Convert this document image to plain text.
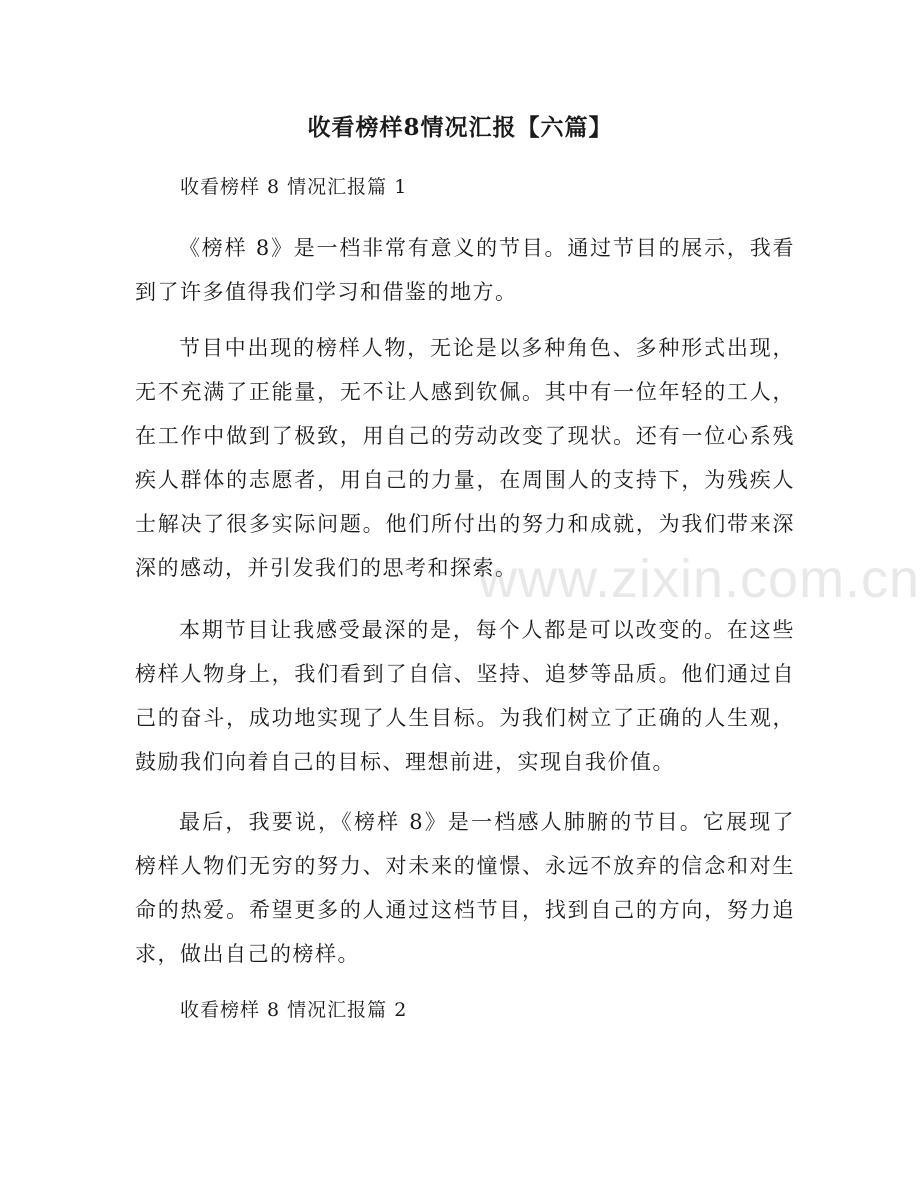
收看榜样8情况汇报【六篇】
收看榜样 8 情况汇报篇 1

《榜样 8》是一档非常有意义的节目。通过节目的展示，我看到了许多值得我们学习和借鉴的地方。

节目中出现的榜样人物，无论是以多种角色、多种形式出现，无不充满了正能量，无不让人感到钦佩。其中有一位年轻的工人，在工作中做到了极致，用自己的劳动改变了现状。还有一位心系残疾人群体的志愿者，用自己的力量，在周围人的支持下，为残疾人士解决了很多实际问题。他们所付出的努力和成就，为我们带来深深的感动，并引发我们的思考和探索。

本期节目让我感受最深的是，每个人都是可以改变的。在这些榜样人物身上，我们看到了自信、坚持、追梦等品质。他们通过自己的奋斗，成功地实现了人生目标。为我们树立了正确的人生观，鼓励我们向着自己的目标、理想前进，实现自我价值。

最后，我要说，《榜样 8》是一档感人肺腑的节目。它展现了榜样人物们无穷的努力、对未来的憧憬、永远不放弃的信念和对生命的热爱。希望更多的人通过这档节目，找到自己的方向，努力追求，做出自己的榜样。

收看榜样 8 情况汇报篇 2
www.zixin.com.cn
